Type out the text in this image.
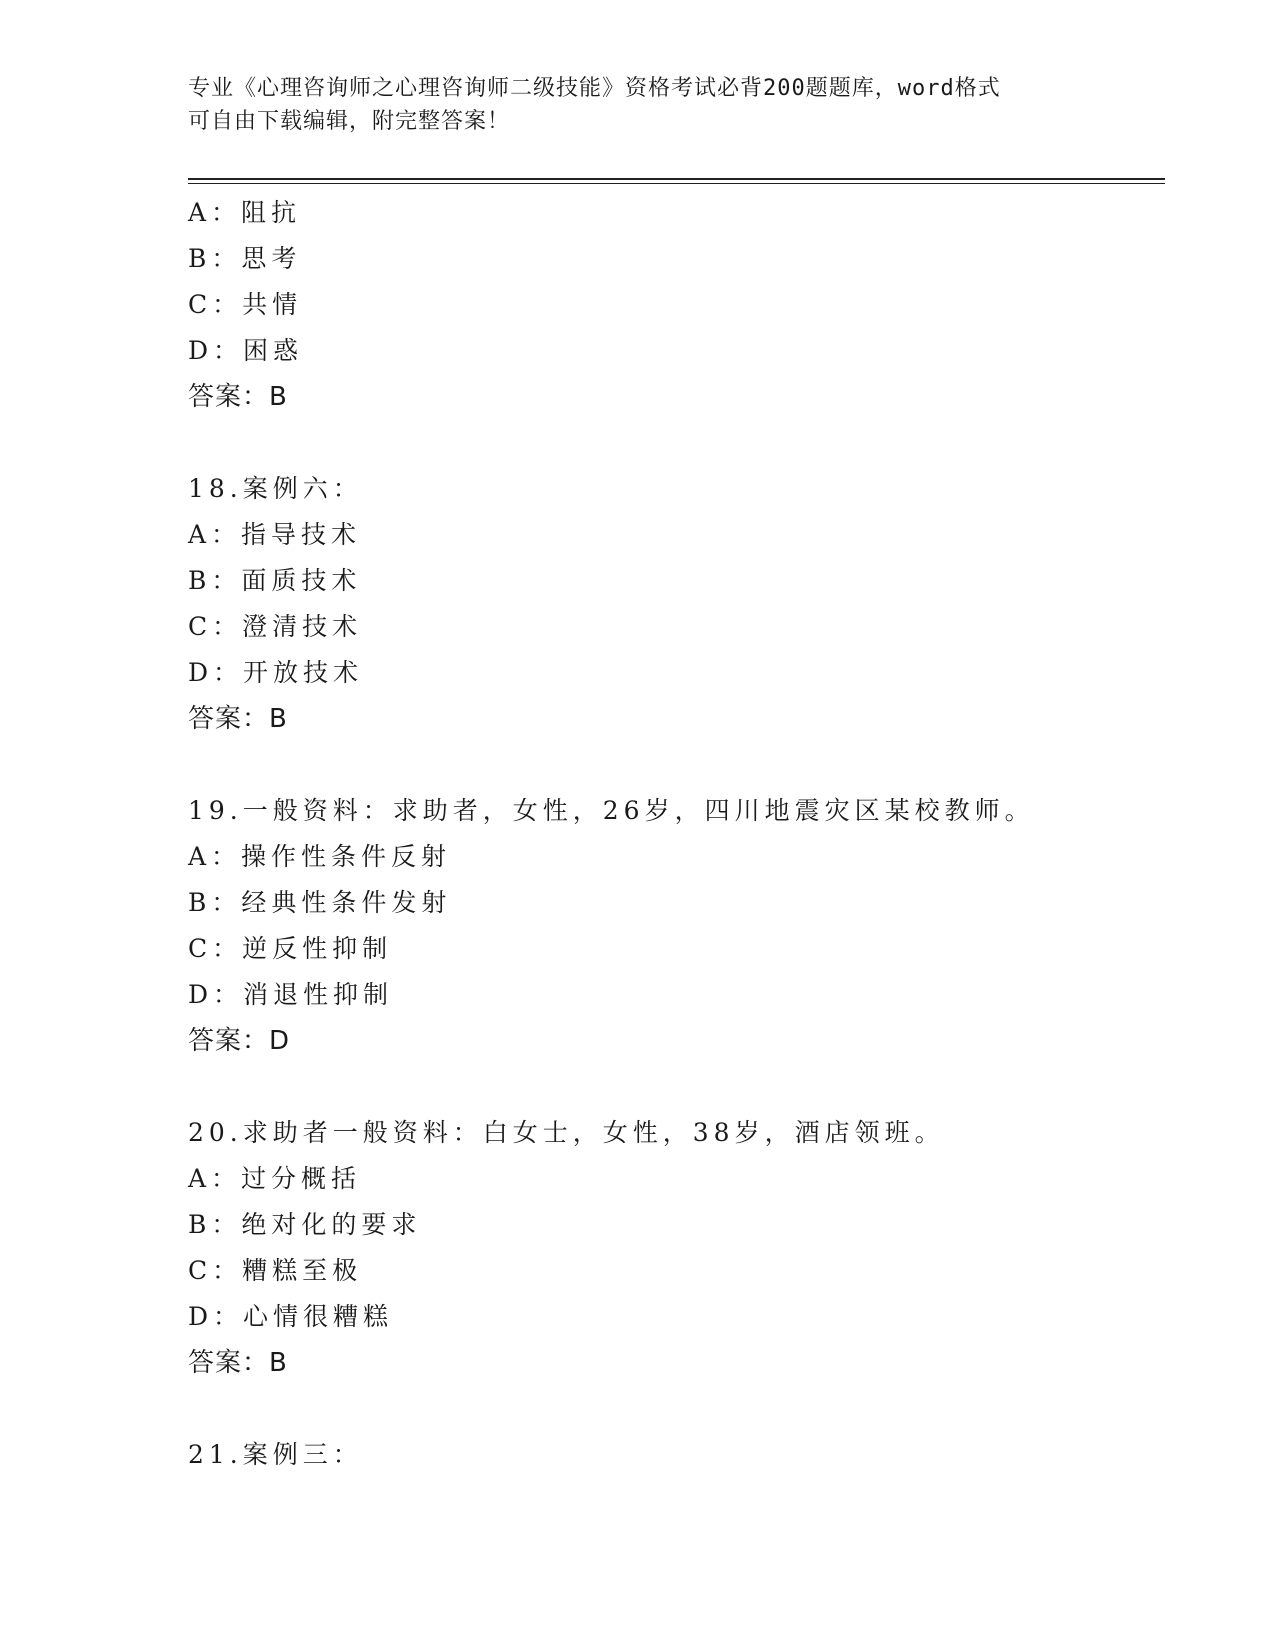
专业《心理咨询师之心理咨询师二级技能》资格考试必背200题题库，word格式
可自由下载编辑，附完整答案！
A：阻抗
B：思考
C：共情
D：困惑
答案：B
18.案例六：
A：指导技术
B：面质技术
C：澄清技术
D：开放技术
答案：B
19.一般资料：求助者，女性，26岁，四川地震灾区某校教师。
A：操作性条件反射
B：经典性条件发射
C：逆反性抑制
D：消退性抑制
答案：D
20.求助者一般资料：白女士，女性，38岁，酒店领班。
A：过分概括
B：绝对化的要求
C：糟糕至极
D：心情很糟糕
答案：B
21.案例三：
